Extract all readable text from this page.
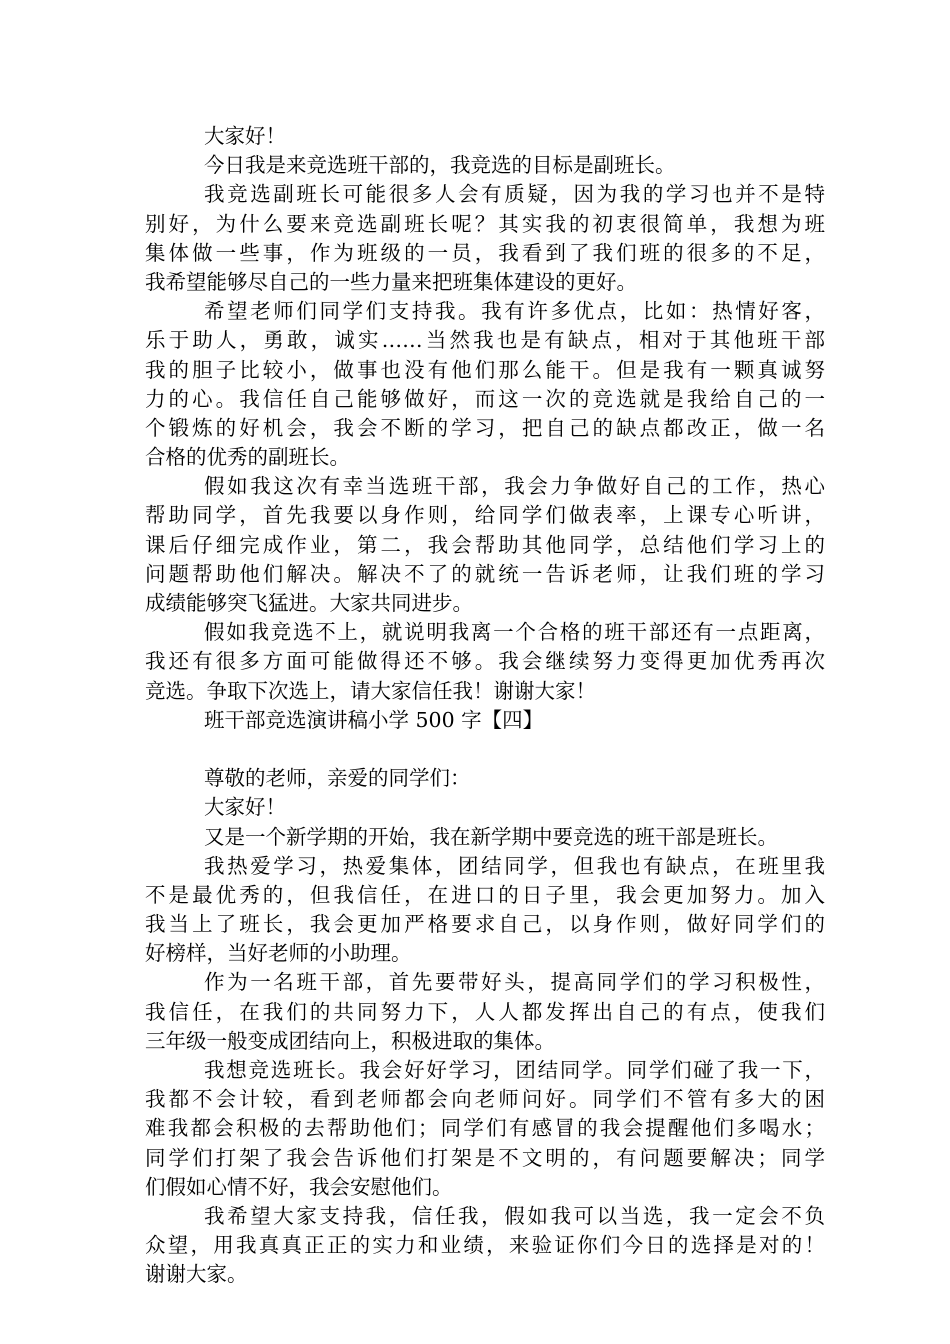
大家好！
今日我是来竞选班干部的，我竞选的目标是副班长。
我竞选副班长可能很多人会有质疑，因为我的学习也并不是特
别好，为什么要来竞选副班长呢？其实我的初衷很简单，我想为班
集体做一些事，作为班级的一员，我看到了我们班的很多的不足，
我希望能够尽自己的一些力量来把班集体建设的更好。
希望老师们同学们支持我。我有许多优点，比如：热情好客，
乐于助人，勇敢，诚实……当然我也是有缺点，相对于其他班干部
我的胆子比较小，做事也没有他们那么能干。但是我有一颗真诚努
力的心。我信任自己能够做好，而这一次的竞选就是我给自己的一
个锻炼的好机会，我会不断的学习，把自己的缺点都改正，做一名
合格的优秀的副班长。
假如我这次有幸当选班干部，我会力争做好自己的工作，热心
帮助同学，首先我要以身作则，给同学们做表率，上课专心听讲，
课后仔细完成作业，第二，我会帮助其他同学，总结他们学习上的
问题帮助他们解决。解决不了的就统一告诉老师，让我们班的学习
成绩能够突飞猛进。大家共同进步。
假如我竞选不上，就说明我离一个合格的班干部还有一点距离，
我还有很多方面可能做得还不够。我会继续努力变得更加优秀再次
竞选。争取下次选上，请大家信任我！谢谢大家！
班干部竞选演讲稿小学 500 字【四】
尊敬的老师，亲爱的同学们：
大家好！
又是一个新学期的开始，我在新学期中要竞选的班干部是班长。
我热爱学习，热爱集体，团结同学，但我也有缺点，在班里我
不是最优秀的，但我信任，在进口的日子里，我会更加努力。加入
我当上了班长，我会更加严格要求自己，以身作则，做好同学们的
好榜样，当好老师的小助理。
作为一名班干部，首先要带好头，提高同学们的学习积极性，
我信任，在我们的共同努力下，人人都发挥出自己的有点，使我们
三年级一般变成团结向上，积极进取的集体。
我想竞选班长。我会好好学习，团结同学。同学们碰了我一下，
我都不会计较，看到老师都会向老师问好。同学们不管有多大的困
难我都会积极的去帮助他们；同学们有感冒的我会提醒他们多喝水；
同学们打架了我会告诉他们打架是不文明的，有问题要解决；同学
们假如心情不好，我会安慰他们。
我希望大家支持我，信任我，假如我可以当选，我一定会不负
众望，用我真真正正的实力和业绩，来验证你们今日的选择是对的！
谢谢大家。
